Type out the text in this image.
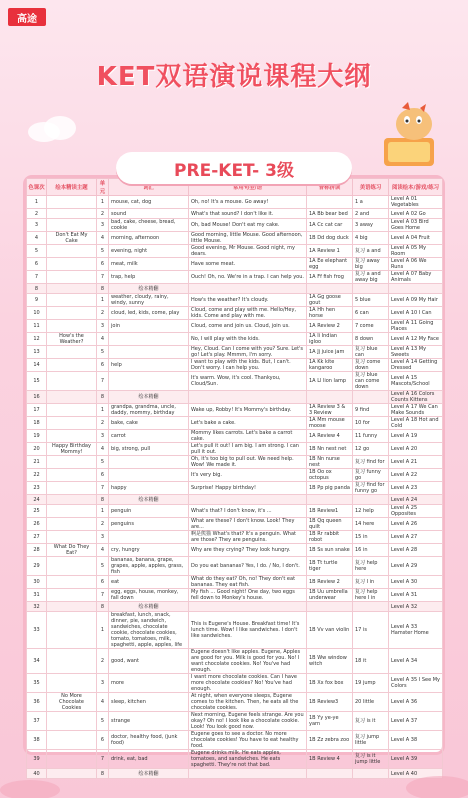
高途
KET双语演说课程大纲
色课次	绘本精读主题	单元	词汇	常用句型/语	音标拼读	美语练习	阅读绘本/游戏/练习
1		1	mouse, cat, dog	Oh, no! It's a mouse. Go away!		1 a	Level A 01 Vegetables
2		2	sound	What's that sound? I don't like it.	1A Bb bear bed	2 and	Level A 02 Go
3		3	bad, cake, cheese, bread, cookie	Oh, bad Mouse! Don't eat my cake.	1A Cc cat car	3 away	Level A 03 Bird Goes Home
4	Don't Eat My Cake	4	morning, afternoon	Good morning, little Mouse. Good afternoon, little Mouse.	1B Dd dog duck	4 big	Level A 04 Fruit
5		5	evening, night	Good evening, Mr Mouse. Good night, my dears.	1A Review 1	复习 a and	Level A 05 My Room
6		6	meat, milk	Have some meat.	1A Ee elephant egg	复习 away big	Level A 06 We Runs
7		7	trap, help	Ouch! Oh, no. We're in a trap. I can help you.	1A Ff fish frog	复习 a and away big	Level A 07 Baby Animals
8		8	绘本精翻				
9		1	weather, cloudy, rainy, windy, sunny	How's the weather? It's cloudy.	1A Gg goose gout	5 blue	Level A 09 My Hair
10		2	cloud, led, kids, come, play	Cloud, come and play with me. Hello/Hey, kids. Come and play with me.	1A Hh hen horse	6 can	Level A 10 I Can
11		3	join	Cloud, come and join us. Cloud, join us.	1A Review 2	7 come	Level A 11 Going Places
12	How's the Weather?	4		No, I will play with the kids.	1A Ii Indian igloo	8 down	Level A 12 My Face
13		5		Hey, Cloud. Can I come with you? Sure. Let's go! Let's play. Mmmm, I'm sorry.	1A Jj juice jam	复习 blue can	Level A 13 My Sweets
14		6	help	I want to play with the kids. But, I can't. Don't worry. I can help you.	1A Kk kite kangaroo	复习 come down	Level A 14 Getting Dressed
15		7		It's warm. Wow, it's cool. Thankyou, Cloud/Sun.	1A Ll lion lamp	复习 blue can come down	Level A 15 Mascots/School
16		8	绘本精翻				Level A 16 Colors Counts Kittens
17		1	grandpa, grandma, uncle, daddy, mommy, birthday	Wake up, Robby! It's Mommy's birthday.	1A Review 3 & 3 Review	9 find	Level A 17 We Can Make Sounds
18		2	bake, cake	Let's bake a cake.	1A Mm mouse moose	10 for	Level A 18 Hot and Cold
19		3	carrot	Mommy likes carrots. Let's bake a carrot cake.	1A Review 4	11 funny	Level A 19
20	Happy Birthday Mommy!	4	big, strong, pull	Let's pull it out! I am big. I am strong. I can pull it out.	1B Nn nest net	12 go	Level A 20
21		5		Oh, it's too big to pull out. We need help. Wow! We made it.	1B Nn nurse nest	复习 find for	Level A 21
22		6		It's very big.	1B Oo ox octopus	复习 funny go	Level A 22
23		7	happy	Surprise! Happy birthday!	1B Pp pig panda	复习 find for funny go	Level A 23
24		8	绘本精翻				Level A 24
25		1	penguin	What's that? I don't know, it's ...	1B Review1	12 help	Level A 25 Opposites
26		2	penguins	What are these? I don't know. Look! They are...	1B Qq queen quilt	14 here	Level A 26
27		3		啊是熊猫 What's that? It's a penguin. What are those? They are penguins.	1B Rr rabbit robot	15 in	Level A 27
28	What Do They Eat?	4	cry, hungry	Why are they crying? They look hungry.	1B Ss sun snake	16 in	Level A 28
29		5	bananas, banana, grape, grapes, apple, apples, grass, fish	Do you eat bananas? Yes, I do. / No, I don't.	1B Tt turtle tiger	复习 help here	Level A 29
30		6	eat	What do they eat? Oh, no! They don't eat bananas. They eat fish.	1B Review 2	复习 I in	Level A 30
31		7	egg, eggs, house, monkey, fall down	My fish ... Good night! One day, two eggs fell down to Monkey's house.	1B Uu umbrella underwear	复习 help here I in	Level A 31
32		8	绘本精翻				Level A 32
33		1	breakfast, lunch, snack, dinner, pie, sandwich, sandwiches, chocolate cookie, chocolate cookies, tomato, tomatoes, milk, spaghetti, apple, apples, life	This is Eugene's House. Breakfast time! It's lunch time. Wow! I like sandwiches. I don't like sandwiches.	1B Vv van violin	17 is	Level A 33 Hamster Home
34		2	good, want	Eugene doesn't like apples. Eugene, Apples are good for you. Milk is good for you. No! I want chocolate cookies. No! You've had enough.	1B Ww window witch	18 it	Level A 34
35		3	more	I want more chocolate cookies. Can I have more chocolate cookies? No! You've had enough.	1B Xx fox box	19 jump	Level A 35 I See My Colors
36	No More Chocolate Cookies	4	sleep, kitchen	At night, when everyone sleeps, Eugene comes to the kitchen. Then, he eats all the chocolate cookies.	1B Review3	20 little	Level A 36
37		5	strange	Next morning, Eugene feels strange. Are you okay? Oh no! I look like a chocolate cookie. Look! You look good now.	1B Yy ye-ye yarn	复习 is it	Level A 37
38		6	doctor, healthy food, (junk food)	Eugene goes to see a doctor. No more chocolate cookies! You have to eat healthy food.	1B Zz zebra zoo	复习 jump little	Level A 38
39		7	drink, eat, bad	Eugene drinks milk. He eats apples, tomatoes, and sandwiches. He eats spaghetti. They're not that bad.	1B Review 4	复习 is it jump little	Level A 39
40		8	绘本精翻				Level A 40
PRE-KET- 3级
